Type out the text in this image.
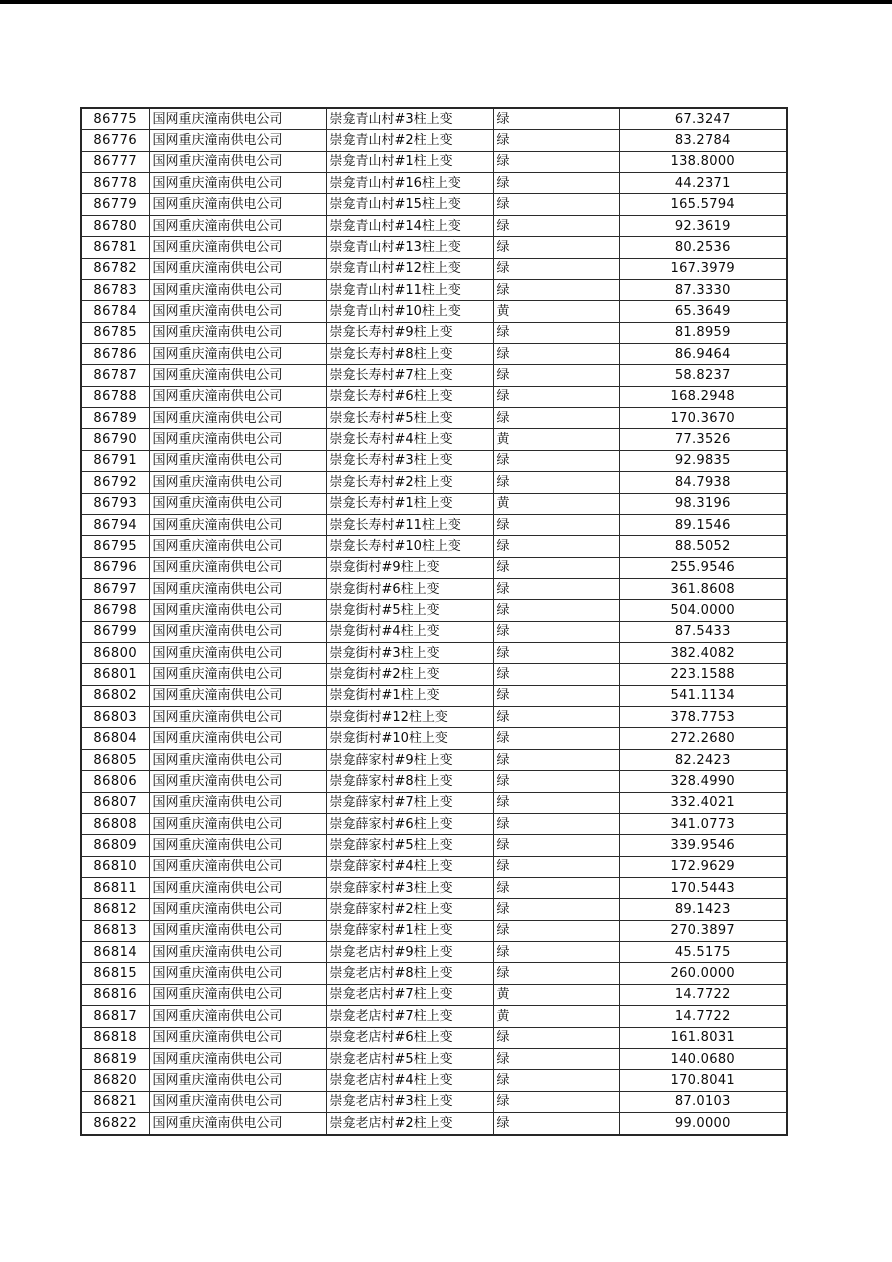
86775	国网重庆潼南供电公司	崇龛青山村#3柱上变	绿	67.3247
86776	国网重庆潼南供电公司	崇龛青山村#2柱上变	绿	83.2784
86777	国网重庆潼南供电公司	崇龛青山村#1柱上变	绿	138.8000
86778	国网重庆潼南供电公司	崇龛青山村#16柱上变	绿	44.2371
86779	国网重庆潼南供电公司	崇龛青山村#15柱上变	绿	165.5794
86780	国网重庆潼南供电公司	崇龛青山村#14柱上变	绿	92.3619
86781	国网重庆潼南供电公司	崇龛青山村#13柱上变	绿	80.2536
86782	国网重庆潼南供电公司	崇龛青山村#12柱上变	绿	167.3979
86783	国网重庆潼南供电公司	崇龛青山村#11柱上变	绿	87.3330
86784	国网重庆潼南供电公司	崇龛青山村#10柱上变	黄	65.3649
86785	国网重庆潼南供电公司	崇龛长寿村#9柱上变	绿	81.8959
86786	国网重庆潼南供电公司	崇龛长寿村#8柱上变	绿	86.9464
86787	国网重庆潼南供电公司	崇龛长寿村#7柱上变	绿	58.8237
86788	国网重庆潼南供电公司	崇龛长寿村#6柱上变	绿	168.2948
86789	国网重庆潼南供电公司	崇龛长寿村#5柱上变	绿	170.3670
86790	国网重庆潼南供电公司	崇龛长寿村#4柱上变	黄	77.3526
86791	国网重庆潼南供电公司	崇龛长寿村#3柱上变	绿	92.9835
86792	国网重庆潼南供电公司	崇龛长寿村#2柱上变	绿	84.7938
86793	国网重庆潼南供电公司	崇龛长寿村#1柱上变	黄	98.3196
86794	国网重庆潼南供电公司	崇龛长寿村#11柱上变	绿	89.1546
86795	国网重庆潼南供电公司	崇龛长寿村#10柱上变	绿	88.5052
86796	国网重庆潼南供电公司	崇龛街村#9柱上变	绿	255.9546
86797	国网重庆潼南供电公司	崇龛街村#6柱上变	绿	361.8608
86798	国网重庆潼南供电公司	崇龛街村#5柱上变	绿	504.0000
86799	国网重庆潼南供电公司	崇龛街村#4柱上变	绿	87.5433
86800	国网重庆潼南供电公司	崇龛街村#3柱上变	绿	382.4082
86801	国网重庆潼南供电公司	崇龛街村#2柱上变	绿	223.1588
86802	国网重庆潼南供电公司	崇龛街村#1柱上变	绿	541.1134
86803	国网重庆潼南供电公司	崇龛街村#12柱上变	绿	378.7753
86804	国网重庆潼南供电公司	崇龛街村#10柱上变	绿	272.2680
86805	国网重庆潼南供电公司	崇龛薛家村#9柱上变	绿	82.2423
86806	国网重庆潼南供电公司	崇龛薛家村#8柱上变	绿	328.4990
86807	国网重庆潼南供电公司	崇龛薛家村#7柱上变	绿	332.4021
86808	国网重庆潼南供电公司	崇龛薛家村#6柱上变	绿	341.0773
86809	国网重庆潼南供电公司	崇龛薛家村#5柱上变	绿	339.9546
86810	国网重庆潼南供电公司	崇龛薛家村#4柱上变	绿	172.9629
86811	国网重庆潼南供电公司	崇龛薛家村#3柱上变	绿	170.5443
86812	国网重庆潼南供电公司	崇龛薛家村#2柱上变	绿	89.1423
86813	国网重庆潼南供电公司	崇龛薛家村#1柱上变	绿	270.3897
86814	国网重庆潼南供电公司	崇龛老店村#9柱上变	绿	45.5175
86815	国网重庆潼南供电公司	崇龛老店村#8柱上变	绿	260.0000
86816	国网重庆潼南供电公司	崇龛老店村#7柱上变	黄	14.7722
86817	国网重庆潼南供电公司	崇龛老店村#7柱上变	黄	14.7722
86818	国网重庆潼南供电公司	崇龛老店村#6柱上变	绿	161.8031
86819	国网重庆潼南供电公司	崇龛老店村#5柱上变	绿	140.0680
86820	国网重庆潼南供电公司	崇龛老店村#4柱上变	绿	170.8041
86821	国网重庆潼南供电公司	崇龛老店村#3柱上变	绿	87.0103
86822	国网重庆潼南供电公司	崇龛老店村#2柱上变	绿	99.0000
